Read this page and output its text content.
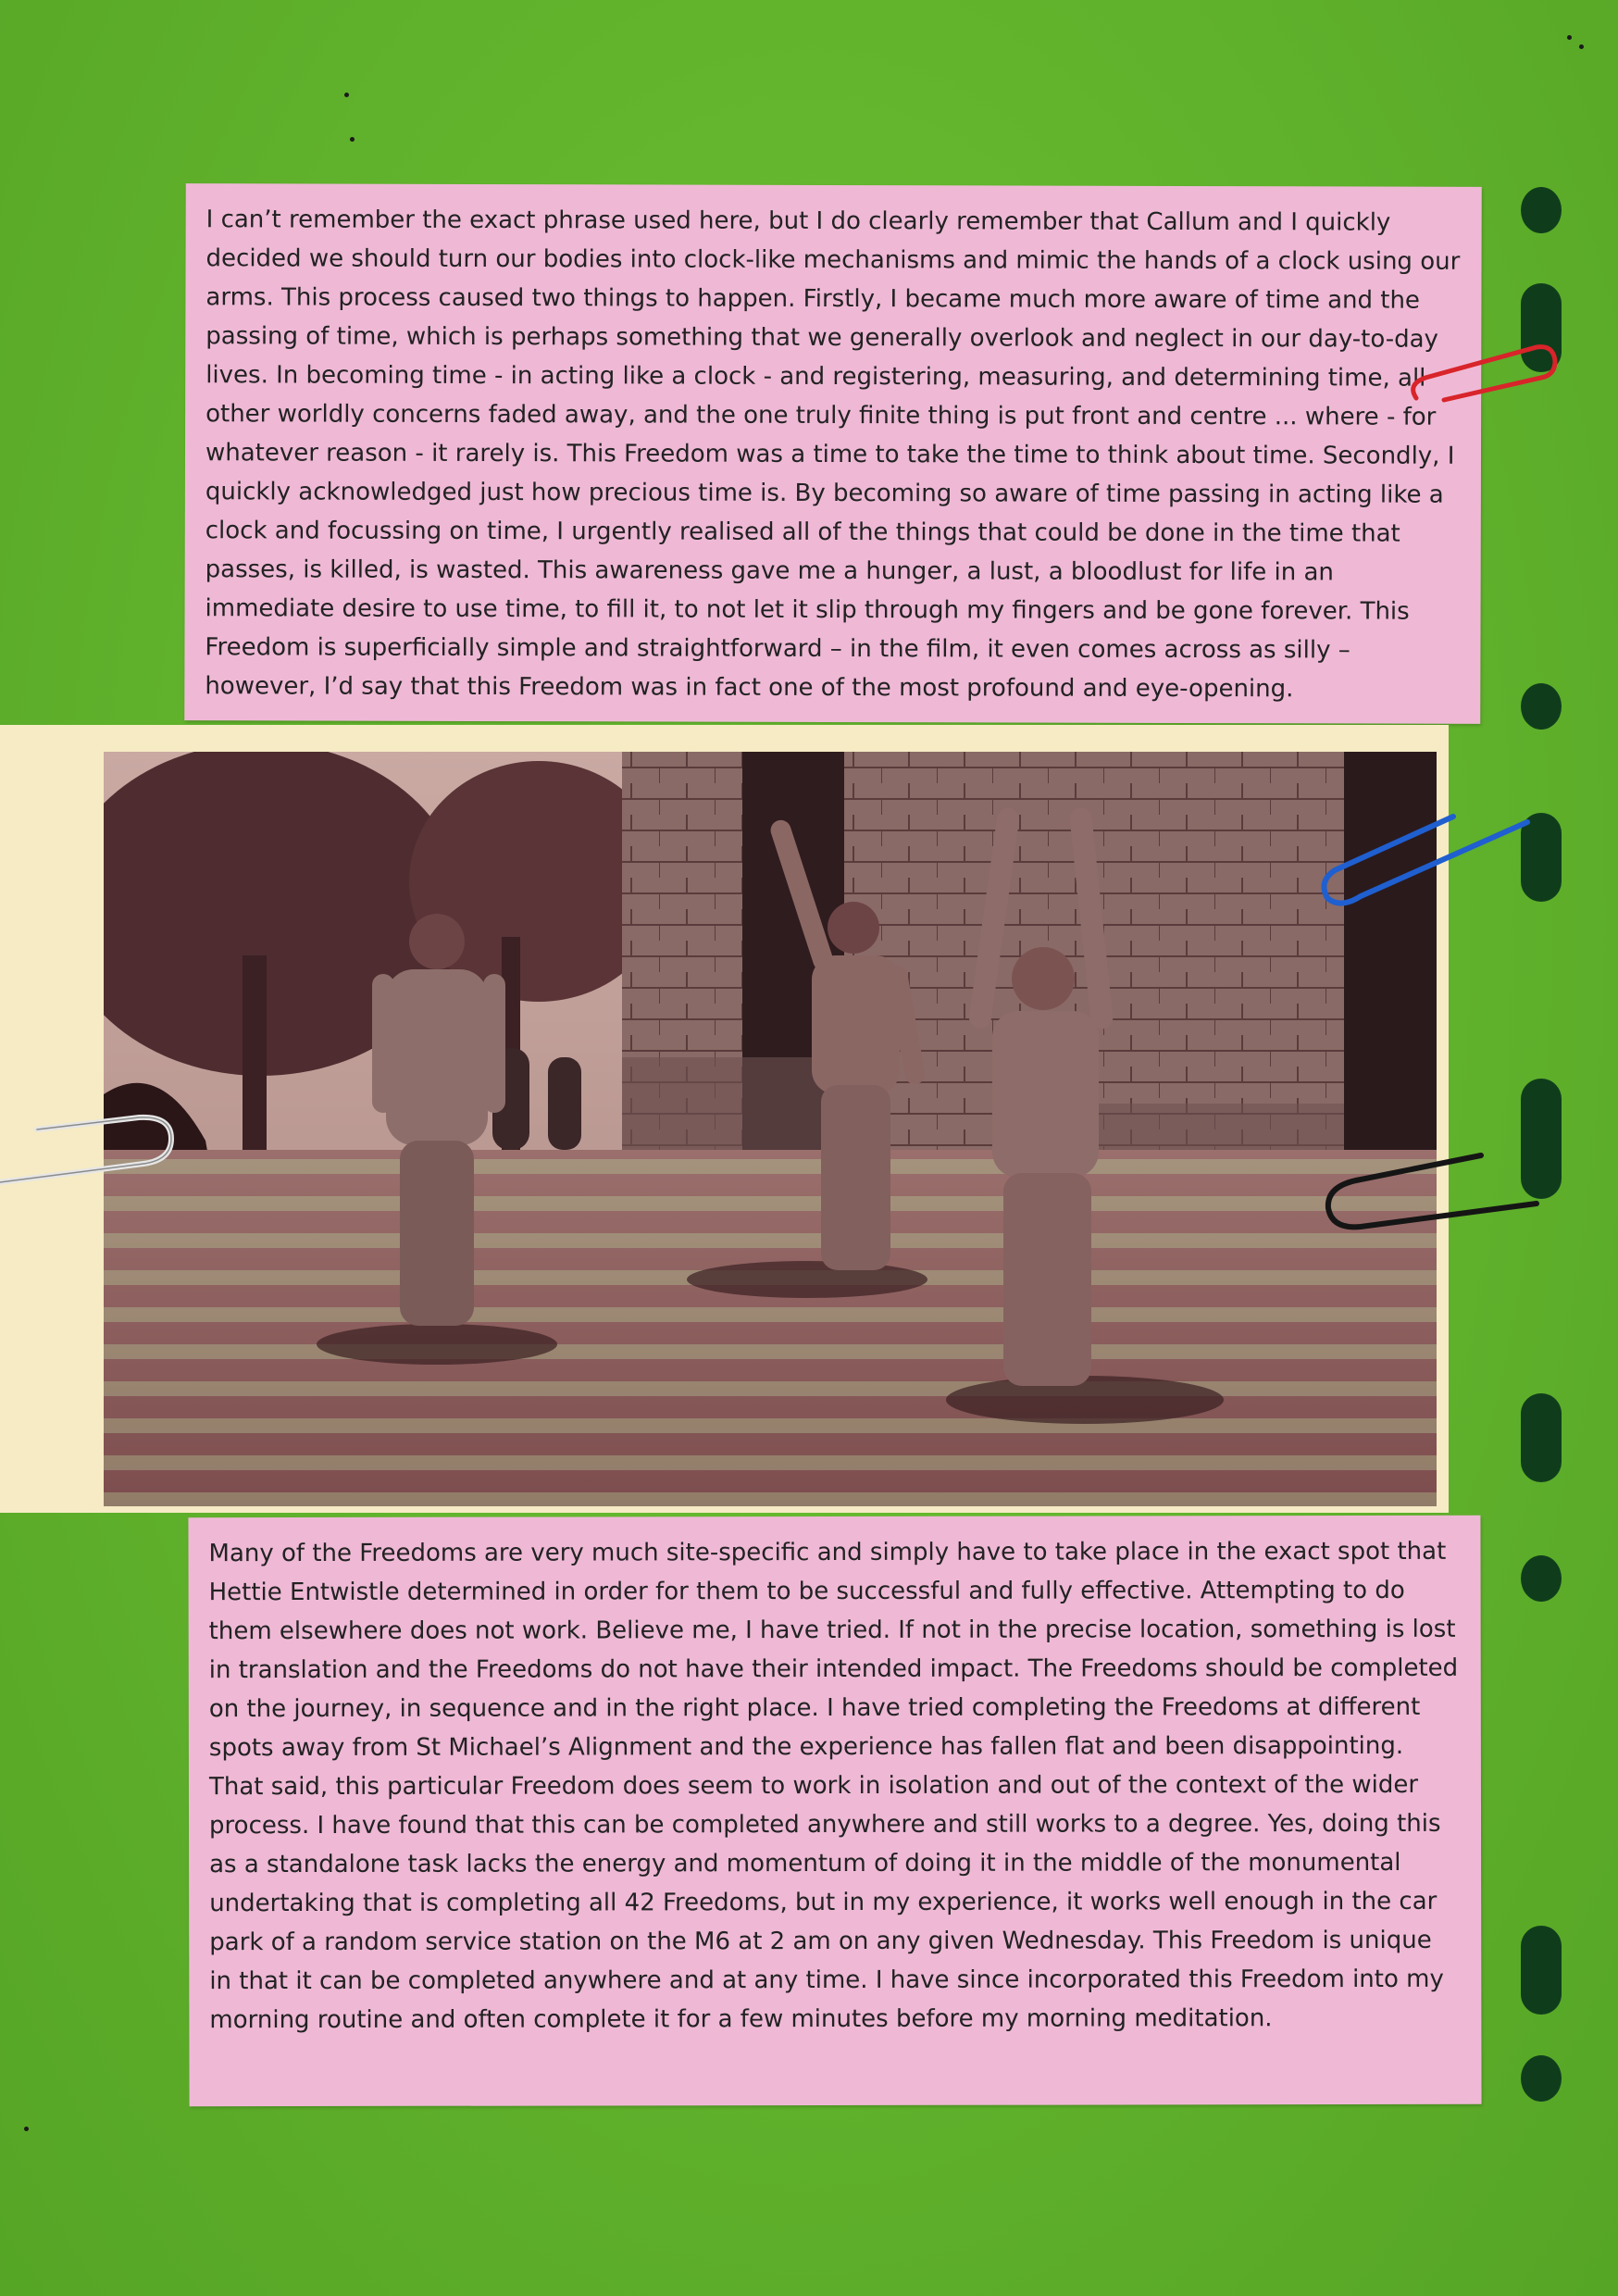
I can’t remember the exact phrase used here, but I do clearly remember that Callum and I quickly decided we should turn our bodies into clock-like mechanisms and mimic the hands of a clock using our arms. This process caused two things to happen. Firstly, I became much more aware of time and the passing of time, which is perhaps something that we generally overlook and neglect in our day-to-day lives. In becoming time - in acting like a clock - and registering, measuring, and determining time, all other worldly concerns faded away, and the one truly finite thing is put front and centre ... where - for whatever reason - it rarely is. This Freedom was a time to take the time to think about time. Secondly, I quickly acknowledged just how precious time is. By becoming so aware of time passing in acting like a clock and focussing on time, I urgently realised all of the things that could be done in the time that passes, is killed, is wasted. This awareness gave me a hunger, a lust, a bloodlust for life in an immediate desire to use time, to fill it, to not let it slip through my fingers and be gone forever. This Freedom is superficially simple and straightforward – in the film, it even comes across as silly – however, I’d say that this Freedom was in fact one of the most profound and eye-opening.

Many of the Freedoms are very much site-specific and simply have to take place in the exact spot that Hettie Entwistle determined in order for them to be successful and fully effective. Attempting to do them elsewhere does not work. Believe me, I have tried. If not in the precise location, something is lost in translation and the Freedoms do not have their intended impact. The Freedoms should be completed on the journey, in sequence and in the right place. I have tried completing the Freedoms at different spots away from St Michael’s Alignment and the experience has fallen flat and been disappointing. That said, this particular Freedom does seem to work in isolation and out of the context of the wider process. I have found that this can be completed anywhere and still works to a degree. Yes, doing this as a standalone task lacks the energy and momentum of doing it in the middle of the monumental undertaking that is completing all 42 Freedoms, but in my experience, it works well enough in the car park of a random service station on the M6 at 2 am on any given Wednesday. This Freedom is unique in that it can be completed anywhere and at any time. I have since incorporated this Freedom into my morning routine and often complete it for a few minutes before my morning meditation.
